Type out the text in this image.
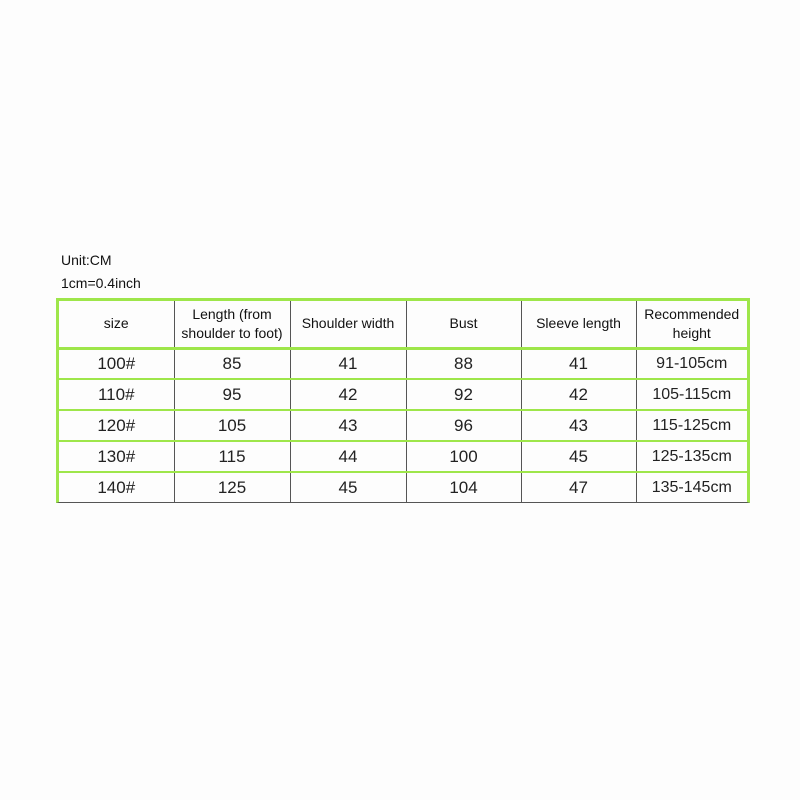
Unit:CM
1cm=0.4inch
size	Length (from shoulder to foot)	Shoulder width	Bust	Sleeve length	Recommended height
100#	85	41	88	41	91-105cm
110#	95	42	92	42	105-115cm
120#	105	43	96	43	115-125cm
130#	115	44	100	45	125-135cm
140#	125	45	104	47	135-145cm
